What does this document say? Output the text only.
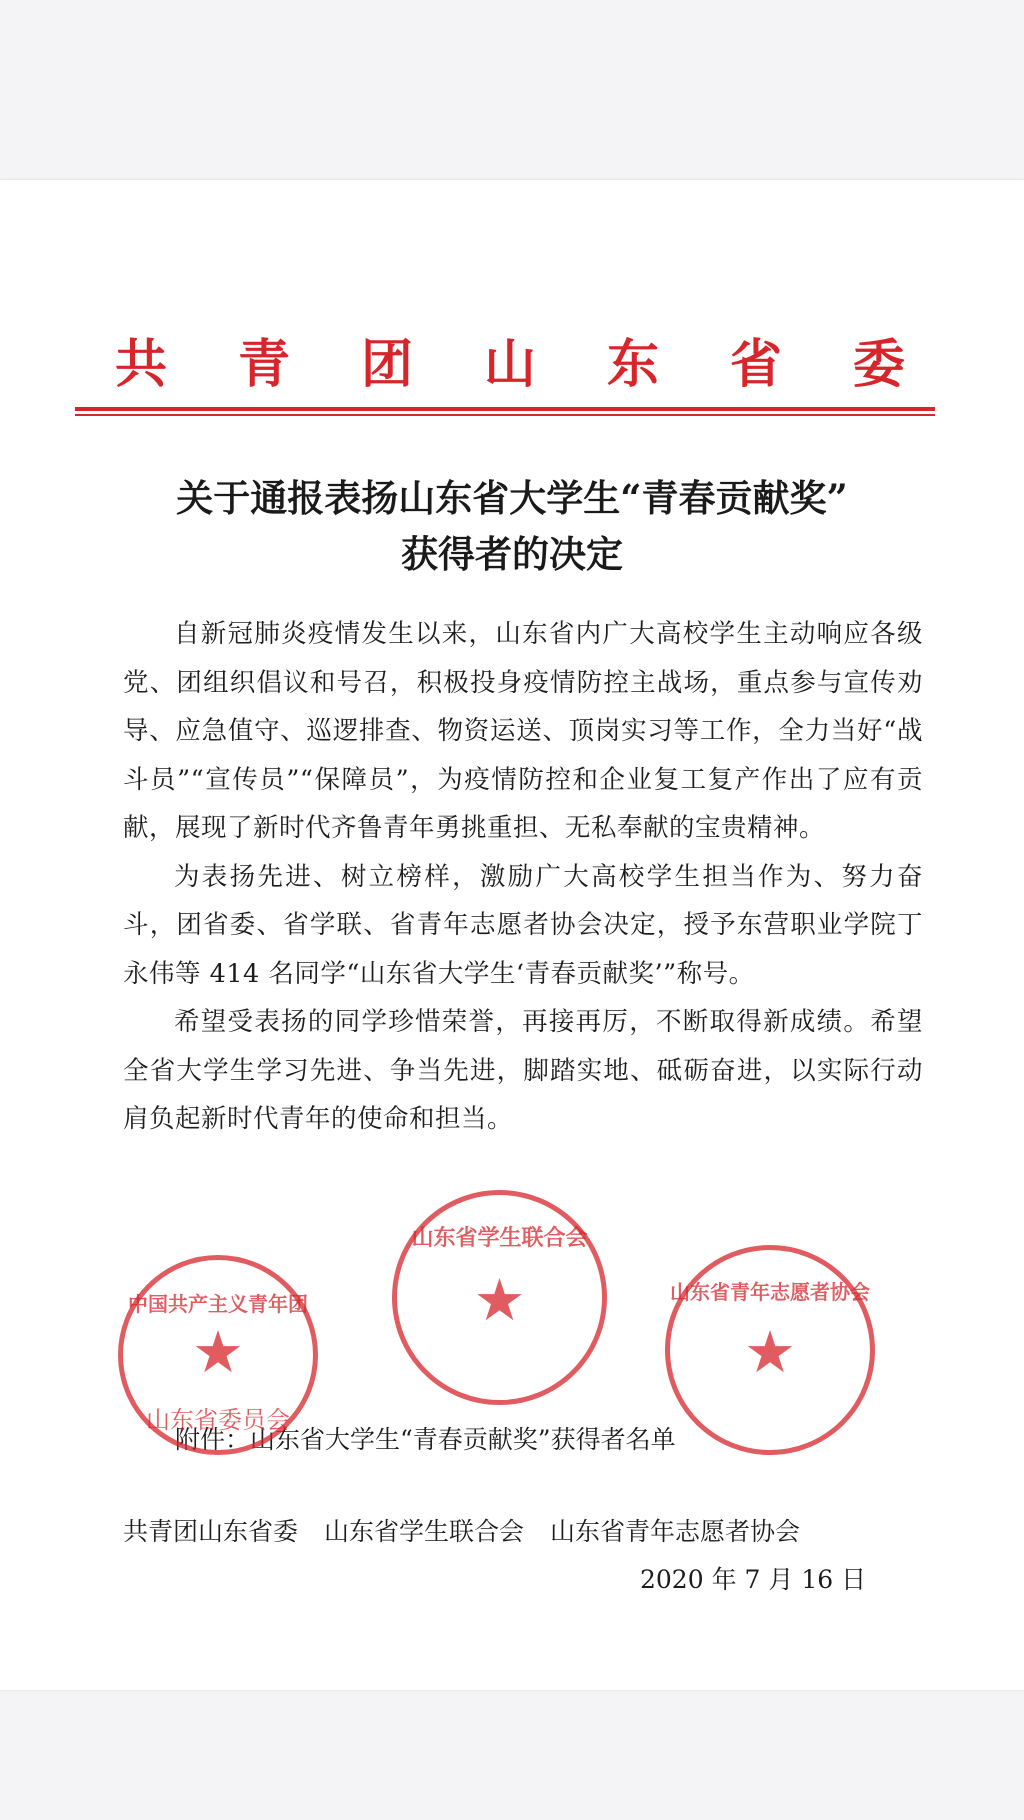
共 青 团 山 东 省 委
关于通报表扬山东省大学生“青春贡献奖”
获得者的决定

自新冠肺炎疫情发生以来，山东省内广大高校学生主动响应各级党、团组织倡议和号召，积极投身疫情防控主战场，重点参与宣传劝导、应急值守、巡逻排查、物资运送、顶岗实习等工作，全力当好“战斗员”“宣传员”“保障员”，为疫情防控和企业复工复产作出了应有贡献，展现了新时代齐鲁青年勇挑重担、无私奉献的宝贵精神。

为表扬先进、树立榜样，激励广大高校学生担当作为、努力奋斗，团省委、省学联、省青年志愿者协会决定，授予东营职业学院丁永伟等 414 名同学“山东省大学生‘青春贡献奖’”称号。

希望受表扬的同学珍惜荣誉，再接再厉，不断取得新成绩。希望全省大学生学习先进、争当先进，脚踏实地、砥砺奋进，以实际行动肩负起新时代青年的使命和担当。

附件：山东省大学生“青春贡献奖”获得者名单
中国共产主义青年团
★
山东省委员会
山东省学生联合会
★	山东省青年志愿者协会
★
共青团山东省委 山东省学生联合会 山东省青年志愿者协会
2020 年 7 月 16 日
